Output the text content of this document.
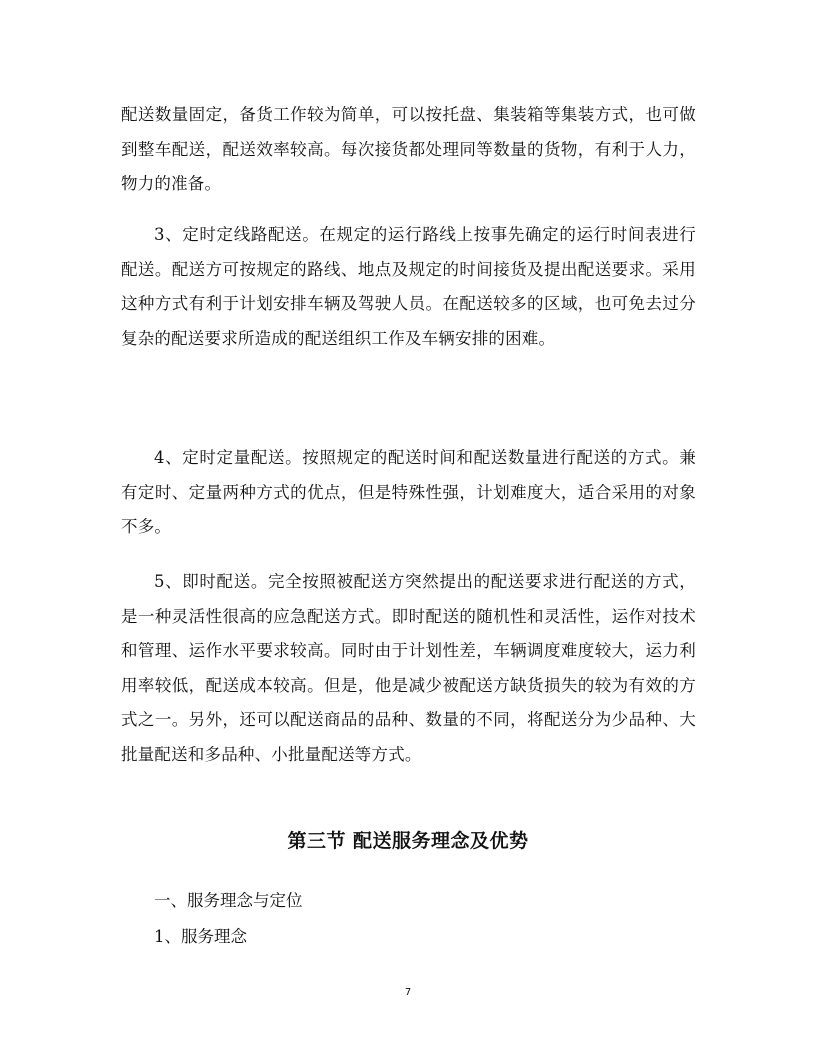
配送数量固定，备货工作较为简单，可以按托盘、集装箱等集装方式，也可做到整车配送，配送效率较高。每次接货都处理同等数量的货物，有利于人力，物力的准备。

3、定时定线路配送。在规定的运行路线上按事先确定的运行时间表进行配送。配送方可按规定的路线、地点及规定的时间接货及提出配送要求。采用这种方式有利于计划安排车辆及驾驶人员。在配送较多的区域，也可免去过分复杂的配送要求所造成的配送组织工作及车辆安排的困难。

4、定时定量配送。按照规定的配送时间和配送数量进行配送的方式。兼有定时、定量两种方式的优点，但是特殊性强，计划难度大，适合采用的对象不多。

5、即时配送。完全按照被配送方突然提出的配送要求进行配送的方式，是一种灵活性很高的应急配送方式。即时配送的随机性和灵活性，运作对技术和管理、运作水平要求较高。同时由于计划性差，车辆调度难度较大，运力利用率较低，配送成本较高。但是，他是减少被配送方缺货损失的较为有效的方式之一。另外，还可以配送商品的品种、数量的不同，将配送分为少品种、大批量配送和多品种、小批量配送等方式。

第三节 配送服务理念及优势

一、服务理念与定位

1、服务理念

7
